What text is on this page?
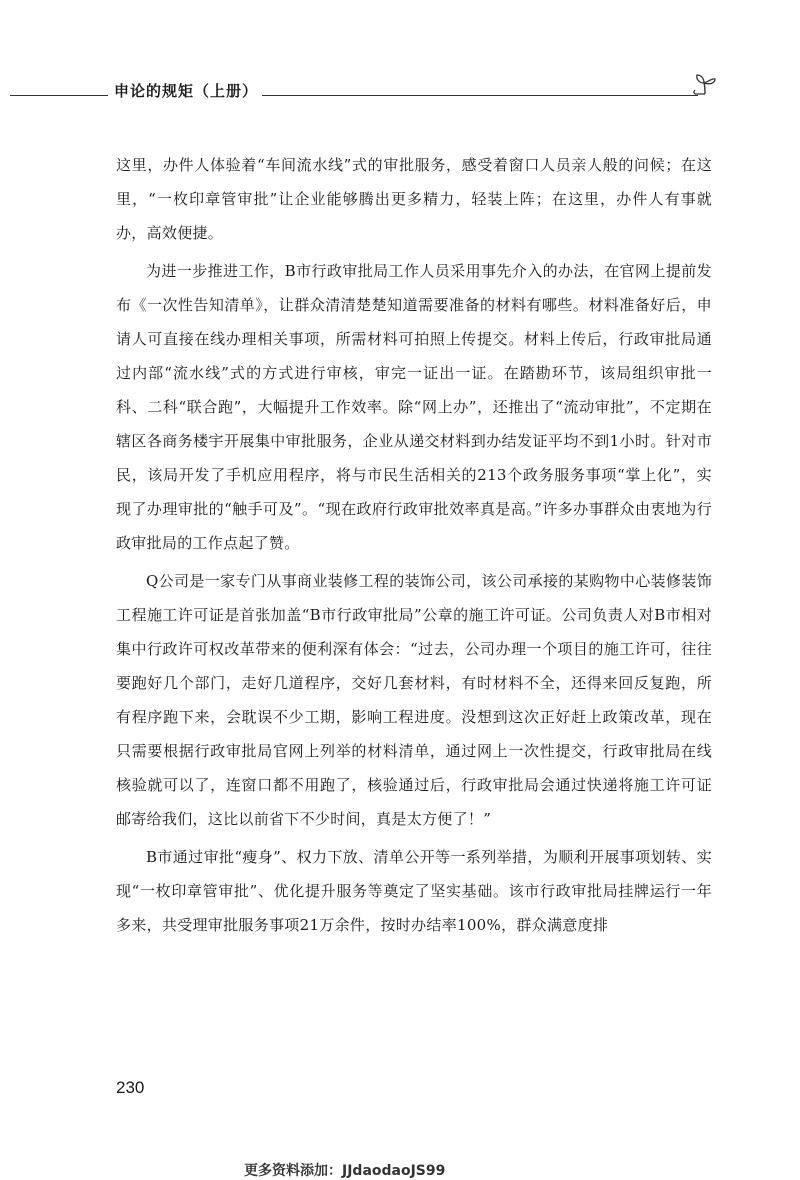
申论的规矩（上册）

这里，办件人体验着“车间流水线”式的审批服务，感受着窗口人员亲人般的问候；在这里，“一枚印章管审批”让企业能够腾出更多精力，轻装上阵；在这里，办件人有事就办，高效便捷。

为进一步推进工作，B市行政审批局工作人员采用事先介入的办法，在官网上提前发布《一次性告知清单》，让群众清清楚楚知道需要准备的材料有哪些。材料准备好后，申请人可直接在线办理相关事项，所需材料可拍照上传提交。材料上传后，行政审批局通过内部“流水线”式的方式进行审核，审完一证出一证。在踏勘环节，该局组织审批一科、二科“联合跑”，大幅提升工作效率。除“网上办”，还推出了“流动审批”，不定期在辖区各商务楼宇开展集中审批服务，企业从递交材料到办结发证平均不到1小时。针对市民，该局开发了手机应用程序，将与市民生活相关的213个政务服务事项“掌上化”，实现了办理审批的“触手可及”。“现在政府行政审批效率真是高。”许多办事群众由衷地为行政审批局的工作点起了赞。

Q公司是一家专门从事商业装修工程的装饰公司，该公司承接的某购物中心装修装饰工程施工许可证是首张加盖“B市行政审批局”公章的施工许可证。公司负责人对B市相对集中行政许可权改革带来的便利深有体会：“过去，公司办理一个项目的施工许可，往往要跑好几个部门，走好几道程序，交好几套材料，有时材料不全，还得来回反复跑，所有程序跑下来，会耽误不少工期，影响工程进度。没想到这次正好赶上政策改革，现在只需要根据行政审批局官网上列举的材料清单，通过网上一次性提交，行政审批局在线核验就可以了，连窗口都不用跑了，核验通过后，行政审批局会通过快递将施工许可证邮寄给我们，这比以前省下不少时间，真是太方便了！”

B市通过审批“瘦身”、权力下放、清单公开等一系列举措，为顺利开展事项划转、实现“一枚印章管审批”、优化提升服务等奠定了坚实基础。该市行政审批局挂牌运行一年多来，共受理审批服务事项21万余件，按时办结率100%，群众满意度排

230
更多资料添加：JJdaodaoJS99
